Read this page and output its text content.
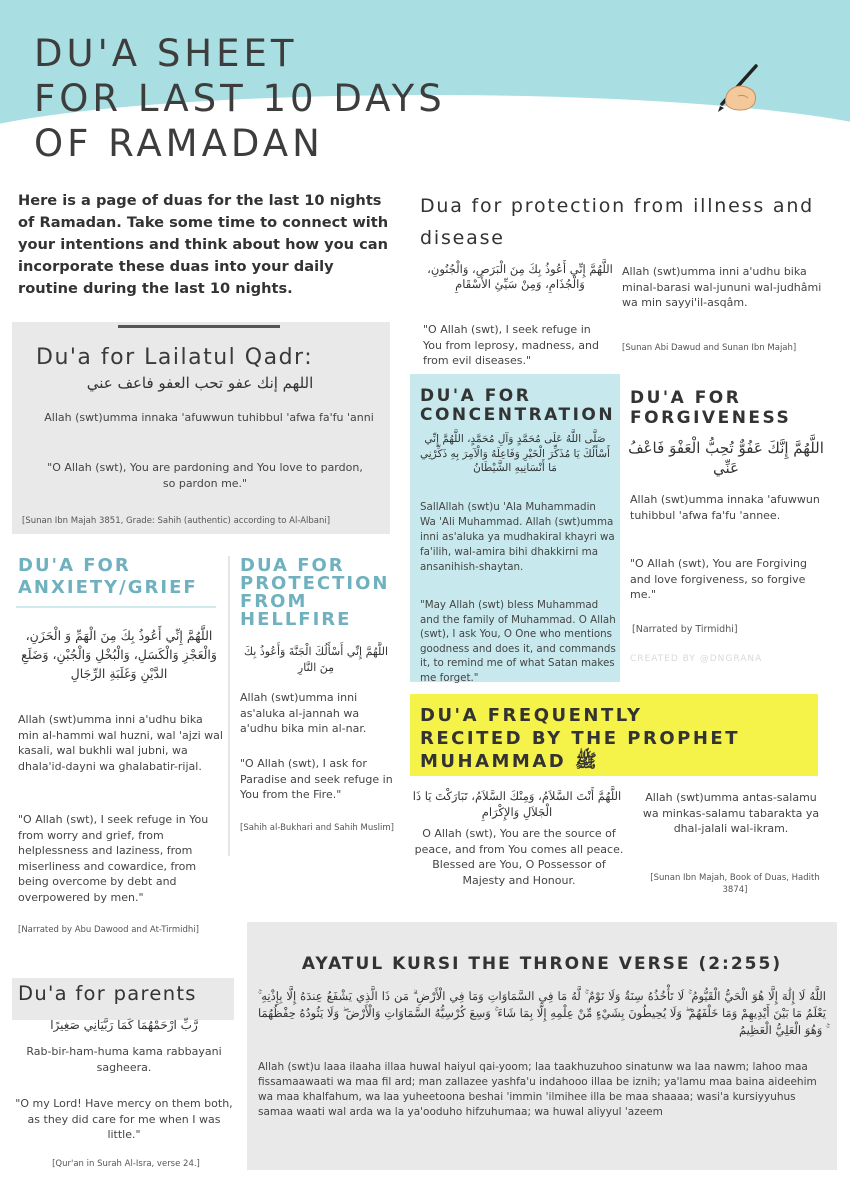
DU'A SHEET
FOR LAST 10 DAYS
OF RAMADAN
Here is a page of duas for the last 10 nights of Ramadan. Take some time to connect with your intentions and think about how you can incorporate these duas into your daily routine during the last 10 nights.
Du'a for Lailatul Qadr:
اللهم إنك عفو تحب العفو فاعف عني
Allah (swt)umma innaka 'afuwwun tuhibbul 'afwa fa'fu 'anni
"O Allah (swt), You are pardoning and You love to pardon, so pardon me."
[Sunan Ibn Majah 3851, Grade: Sahih (authentic) according to Al-Albani]
Dua for protection from illness and disease
اللَّهُمَّ إِنِّي أَعُوذُ بِكَ مِنَ الْبَرَصِ، وَالْجُنُونِ، وَالْجُذَامِ، وَمِنْ سَيِّئِ الأَسْقَامِ
"O Allah (swt), I seek refuge in You from leprosy, madness, and from evil diseases."
Allah (swt)umma inni a'udhu bika minal-barasi wal-jununi wal-judhâmi wa min sayyi'il-asqâm.
[Sunan Abi Dawud and Sunan Ibn Majah]
DU'A FOR
CONCENTRATION
صَلَّى اللَّهُ عَلَى مُحَمَّدٍ وَآلِ مُحَمَّدٍ، اللَّهُمَّ إِنِّي أَسْأَلُكَ يَا مُذَكِّرَ الْخَيْرِ وَفَاعِلَهُ وَالْآمِرَ بِهِ ذَكِّرْنِي مَا أَنْسَانِيهِ الشَّيْطَانُ
SallAllah (swt)u 'Ala Muhammadin Wa 'Ali Muhammad. Allah (swt)umma inni as'aluka ya mudhakiral khayri wa fa'ilih, wal-amira bihi dhakkirni ma ansanihish-shaytan.
"May Allah (swt) bless Muhammad and the family of Muhammad. O Allah (swt), I ask You, O One who mentions goodness and does it, and commands it, to remind me of what Satan makes me forget."
DU'A FOR
FORGIVENESS
اللَّهُمَّ إِنَّكَ عَفُوٌّ تُحِبُّ الْعَفْوَ فَاعْفُ عَنِّي
Allah (swt)umma innaka 'afuwwun tuhibbul 'afwa fa'fu 'annee.
"O Allah (swt), You are Forgiving and love forgiveness, so forgive me."
[Narrated by Tirmidhi]
CREATED BY @DNGRANA
DU'A FOR
ANXIETY/GRIEF
اللَّهُمَّ إِنِّي أَعُوذُ بِكَ مِنَ الْهَمِّ وَ الْحَزَنِ، وَالْعَجْزِ وَالْكَسَلِ، وَالْبُخْلِ وَالْجُبْنِ، وَضَلَعِ الدَّيْنِ وَغَلَبَةِ الرِّجَالِ
Allah (swt)umma inni a'udhu bika min al-hammi wal huzni, wal 'ajzi wal kasali, wal bukhli wal jubni, wa dhala'id-dayni wa ghalabatir-rijal.
"O Allah (swt), I seek refuge in You from worry and grief, from helplessness and laziness, from miserliness and cowardice, from being overcome by debt and overpowered by men."
[Narrated by Abu Dawood and At-Tirmidhi]
DUA FOR
PROTECTION
FROM
HELLFIRE
اللَّهُمَّ إِنِّي أَسْأَلُكَ الْجَنَّةَ وَأَعُوذُ بِكَ مِنَ النَّارِ
Allah (swt)umma inni as'aluka al-jannah wa a'udhu bika min al-nar.
"O Allah (swt), I ask for Paradise and seek refuge in You from the Fire."
[Sahih al-Bukhari and Sahih Muslim]
DU'A FREQUENTLY
RECITED BY THE PROPHET
MUHAMMAD ﷺ
اللَّهُمَّ أَنْتَ السَّلاَمُ، وَمِنْكَ السَّلاَمُ، تَبَارَكْتَ يَا ذَا الْجَلاَلِ وَالإِكْرَامِ
O Allah (swt), You are the source of peace, and from You comes all peace. Blessed are You, O Possessor of Majesty and Honour.
Allah (swt)umma antas-salamu wa minkas-salamu tabarakta ya dhal-jalali wal-ikram.
[Sunan Ibn Majah, Book of Duas, Hadith 3874]
Du'a for parents
رَّبِّ ارْحَمْهُمَا كَمَا رَبَّيَانِي صَغِيرًا
Rab-bir-ham-huma kama rabbayani sagheera.
"O my Lord! Have mercy on them both, as they did care for me when I was little."
[Qur'an in Surah Al-Isra, verse 24.]
AYATUL KURSI THE THRONE VERSE (2:255)
اللَّهُ لَا إِلَٰهَ إِلَّا هُوَ الْحَيُّ الْقَيُّومُ ۚ لَا تَأْخُذُهُ سِنَةٌ وَلَا نَوْمٌ ۚ لَّهُ مَا فِي السَّمَاوَاتِ وَمَا فِي الْأَرْضِ ۗ مَن ذَا الَّذِي يَشْفَعُ عِندَهُ إِلَّا بِإِذْنِهِ ۚ يَعْلَمُ مَا بَيْنَ أَيْدِيهِمْ وَمَا خَلْفَهُمْ ۖ وَلَا يُحِيطُونَ بِشَيْءٍ مِّنْ عِلْمِهِ إِلَّا بِمَا شَاءَ ۚ وَسِعَ كُرْسِيُّهُ السَّمَاوَاتِ وَالْأَرْضَ ۖ وَلَا يَئُودُهُ حِفْظُهُمَا ۚ وَهُوَ الْعَلِيُّ الْعَظِيمُ
Allah (swt)u laaa ilaaha illaa huwal haiyul qai-yoom; laa taakhuzuhoo sinatunw wa laa nawm; lahoo maa fissamaawaati wa maa fil ard; man zallazee yashfa'u indahooo illaa be iznih; ya'lamu maa baina aideehim wa maa khalfahum, wa laa yuheetoona beshai 'immin 'ilmihee illa be maa shaaaa; wasi'a kursiyyuhus samaa waati wal arda wa la ya'ooduho hifzuhumaa; wa huwal aliyyul 'azeem
